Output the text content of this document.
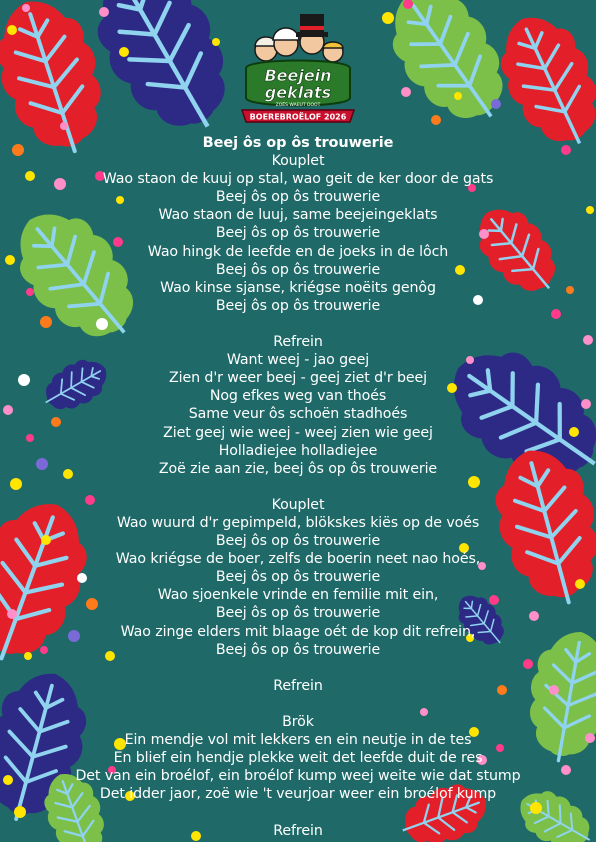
Beejein
geklats
ZOËS WAEUT DOOT
BOEREBROËLOF 2026
Beej ôs op ôs trouwerie
Kouplet
Wao staon de kuuj op stal, wao geit de ker door de gats
Beej ôs op ôs trouwerie
Wao staon de luuj, same beejeingeklats
Beej ôs op ôs trouwerie
Wao hingk de leefde en de joeks in de lôch
Beej ôs op ôs trouwerie
Wao kinse sjanse, kriégse noëits genôg
Beej ôs op ôs trouwerie
Refrein
Want weej - jao geej
Zien d'r weer beej - geej ziet d'r beej
Nog efkes weg van thoés
Same veur ôs schoën stadhoés
Ziet geej wie weej - weej zien wie geej
Holladiejee holladiejee
Zoë zie aan zie, beej ôs op ôs trouwerie
Kouplet
Wao wuurd d'r gepimpeld, blökskes kiës op de voés
Beej ôs op ôs trouwerie
Wao kriégse de boer, zelfs de boerin neet nao hoés,
Beej ôs op ôs trouwerie
Wao sjoenkele vrinde en femilie mit ein,
Beej ôs op ôs trouwerie
Wao zinge elders mit blaage oét de kop dit refrein,
Beej ôs op ôs trouwerie
Refrein
Brök
Ein mendje vol mit lekkers en ein neutje in de tes
En blief ein hendje plekke weit det leefde duit de res
Det van ein broélof, ein broélof kump weej weite wie dat stump
Det idder jaor, zoë wie 't veurjoar weer ein broélof kump
Refrein
